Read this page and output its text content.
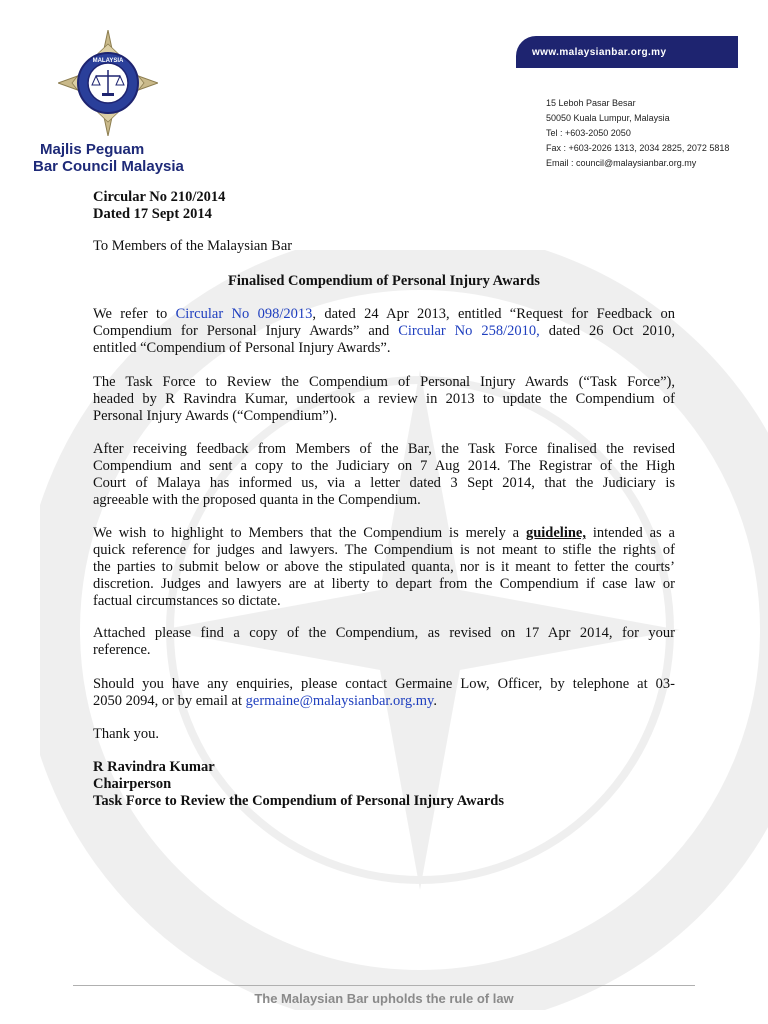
MALAYSIA
Majlis Peguam
Bar Council Malaysia
www.malaysianbar.org.my
15 Leboh Pasar Besar
50050 Kuala Lumpur, Malaysia
Tel : +603-2050 2050
Fax : +603-2026 1313, 2034 2825, 2072 5818
Email : council@malaysianbar.org.my
Circular No 210/2014
Dated 17 Sept 2014
To Members of the Malaysian Bar
Finalised Compendium of Personal Injury Awards
We refer to Circular No 098/2013, dated 24 Apr 2013, entitled “Request for Feedback on
Compendium for Personal Injury Awards” and Circular No 258/2010, dated 26 Oct 2010,
entitled “Compendium of Personal Injury Awards”.
The Task Force to Review the Compendium of Personal Injury Awards (“Task Force”),
headed by R Ravindra Kumar, undertook a review in 2013 to update the Compendium of
Personal Injury Awards (“Compendium”).
After receiving feedback from Members of the Bar, the Task Force finalised the revised
Compendium and sent a copy to the Judiciary on 7 Aug 2014. The Registrar of the High
Court of Malaya has informed us, via a letter dated 3 Sept 2014, that the Judiciary is
agreeable with the proposed quanta in the Compendium.
We wish to highlight to Members that the Compendium is merely a guideline, intended as a
quick reference for judges and lawyers. The Compendium is not meant to stifle the rights of
the parties to submit below or above the stipulated quanta, nor is it meant to fetter the courts’
discretion. Judges and lawyers are at liberty to depart from the Compendium if case law or
factual circumstances so dictate.
Attached please find a copy of the Compendium, as revised on 17 Apr 2014, for your
reference.
Should you have any enquiries, please contact Germaine Low, Officer, by telephone at 03-
2050 2094, or by email at germaine@malaysianbar.org.my.
Thank you.
R Ravindra Kumar
Chairperson
Task Force to Review the Compendium of Personal Injury Awards
The Malaysian Bar upholds the rule of law
